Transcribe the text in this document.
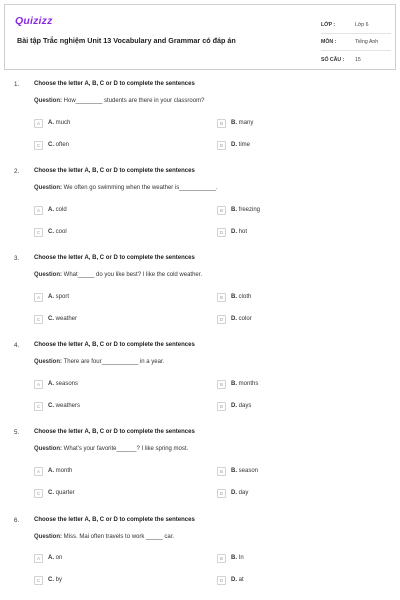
Quizizz
Bài tập Trắc nghiệm Unit 13 Vocabulary and Grammar có đáp án
LỚP :	Lớp 6
MÔN :	Tiếng Anh
SỐ CÂU :	15
1. Choose the letter A, B, C or D to complete the sentences
Question: How________ students are there in your classroom?
A	A. much	B	B. many
C	C. often	D	D. time
2. Choose the letter A, B, C or D to complete the sentences
Question: We often go swimming when the weather is___________.
A	A. cold	B	B. freezing
C	C. cool	D	D. hot
3. Choose the letter A, B, C or D to complete the sentences
Question: What_____ do you like best? I like the cold weather.
A	A. sport	B	B. cloth
C	C. weather	D	D. color
4. Choose the letter A, B, C or D to complete the sentences
Question: There are four___________ in a year.
A	A. seasons	B	B. months
C	C. weathers	D	D. days
5. Choose the letter A, B, C or D to complete the sentences
Question: What's your favorite______? I like spring most.
A	A. month	B	B. season
C	C. quarter	D	D. day
6. Choose the letter A, B, C or D to complete the sentences
Question: Miss. Mai often travels to work _____ car.
A	A. on	B	B. In
C	C. by	D	D. at
